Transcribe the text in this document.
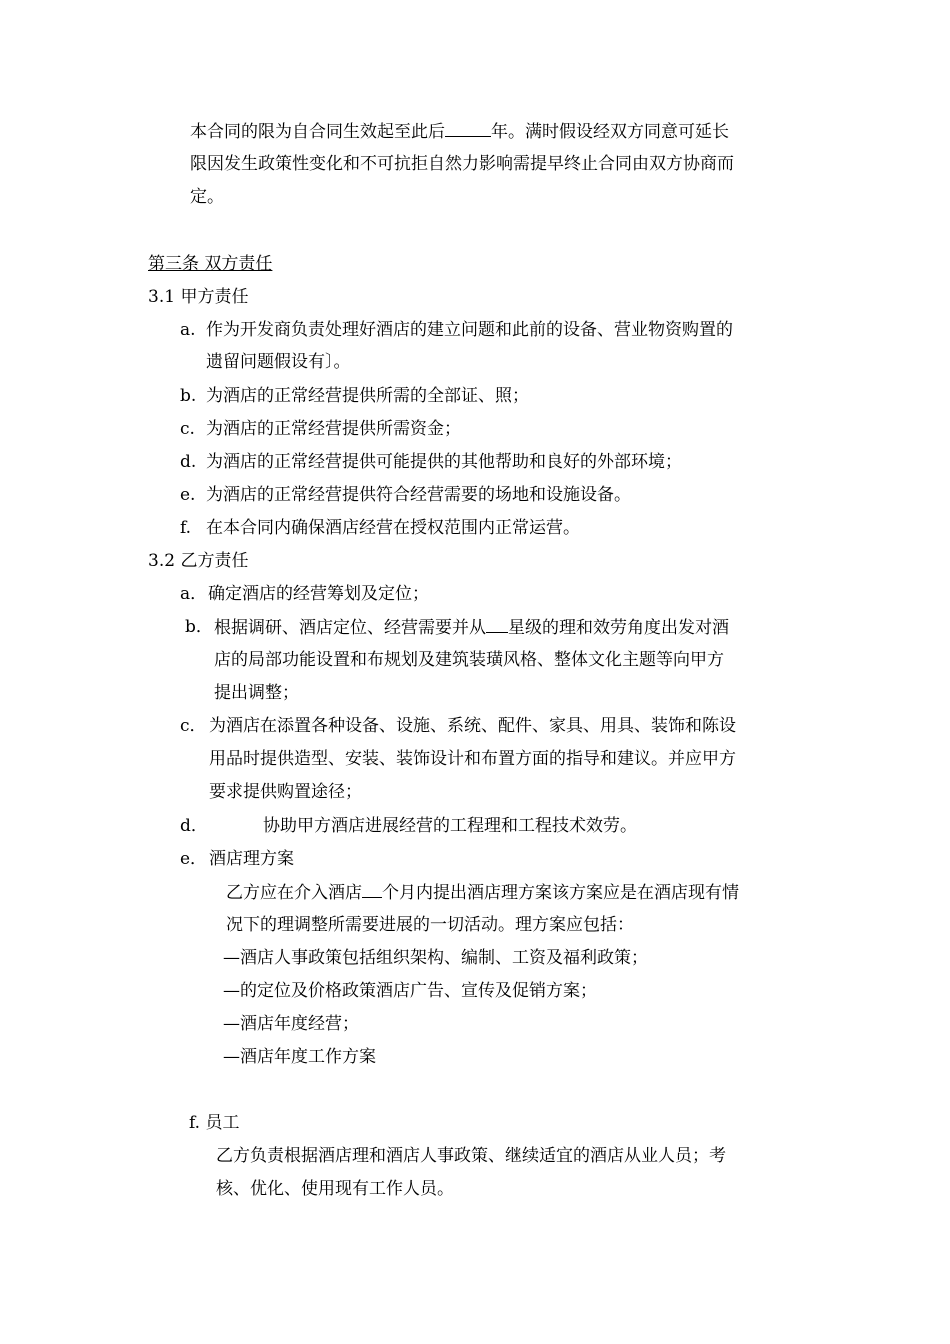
本合同的限为自合同生效起至此后	年。满时假设经双方同意可延长
限因发生政策性变化和不可抗拒自然力影响需提早终止合同由双方协商而
定。
第三条 双方责任
3.1 甲方责任
a. 作为开发商负责处理好酒店的建立问题和此前的设备、营业物资购置的
遗留问题假设有〕。
b. 为酒店的正常经营提供所需的全部证、照；
c. 为酒店的正常经营提供所需资金；
d. 为酒店的正常经营提供可能提供的其他帮助和良好的外部环境；
e. 为酒店的正常经营提供符合经营需要的场地和设施设备。
f. 在本合同内确保酒店经营在授权范围内正常运营。
3.2 乙方责任
a． 确定酒店的经营筹划及定位；
b． 根据调研、酒店定位、经营需要并从 星级的理和效劳角度出发对酒
店的局部功能设置和布规划及建筑装璜风格、整体文化主题等向甲方
提出调整；
c． 为酒店在添置各种设备、设施、系统、配件、家具、用具、装饰和陈设
用品时提供造型、安装、装饰设计和布置方面的指导和建议。并应甲方
要求提供购置途径；
d．	协助甲方酒店进展经营的工程理和工程技术效劳。
e． 酒店理方案
乙方应在介入酒店 个月内提出酒店理方案该方案应是在酒店现有情
况下的理调整所需要进展的一切活动。理方案应包括：
—酒店人事政策包括组织架构、编制、工资及福利政策；
—的定位及价格政策酒店广告、宣传及促销方案；
—酒店年度经营；
—酒店年度工作方案
f. 员工
乙方负责根据酒店理和酒店人事政策、继续适宜的酒店从业人员；考
核、优化、使用现有工作人员。
